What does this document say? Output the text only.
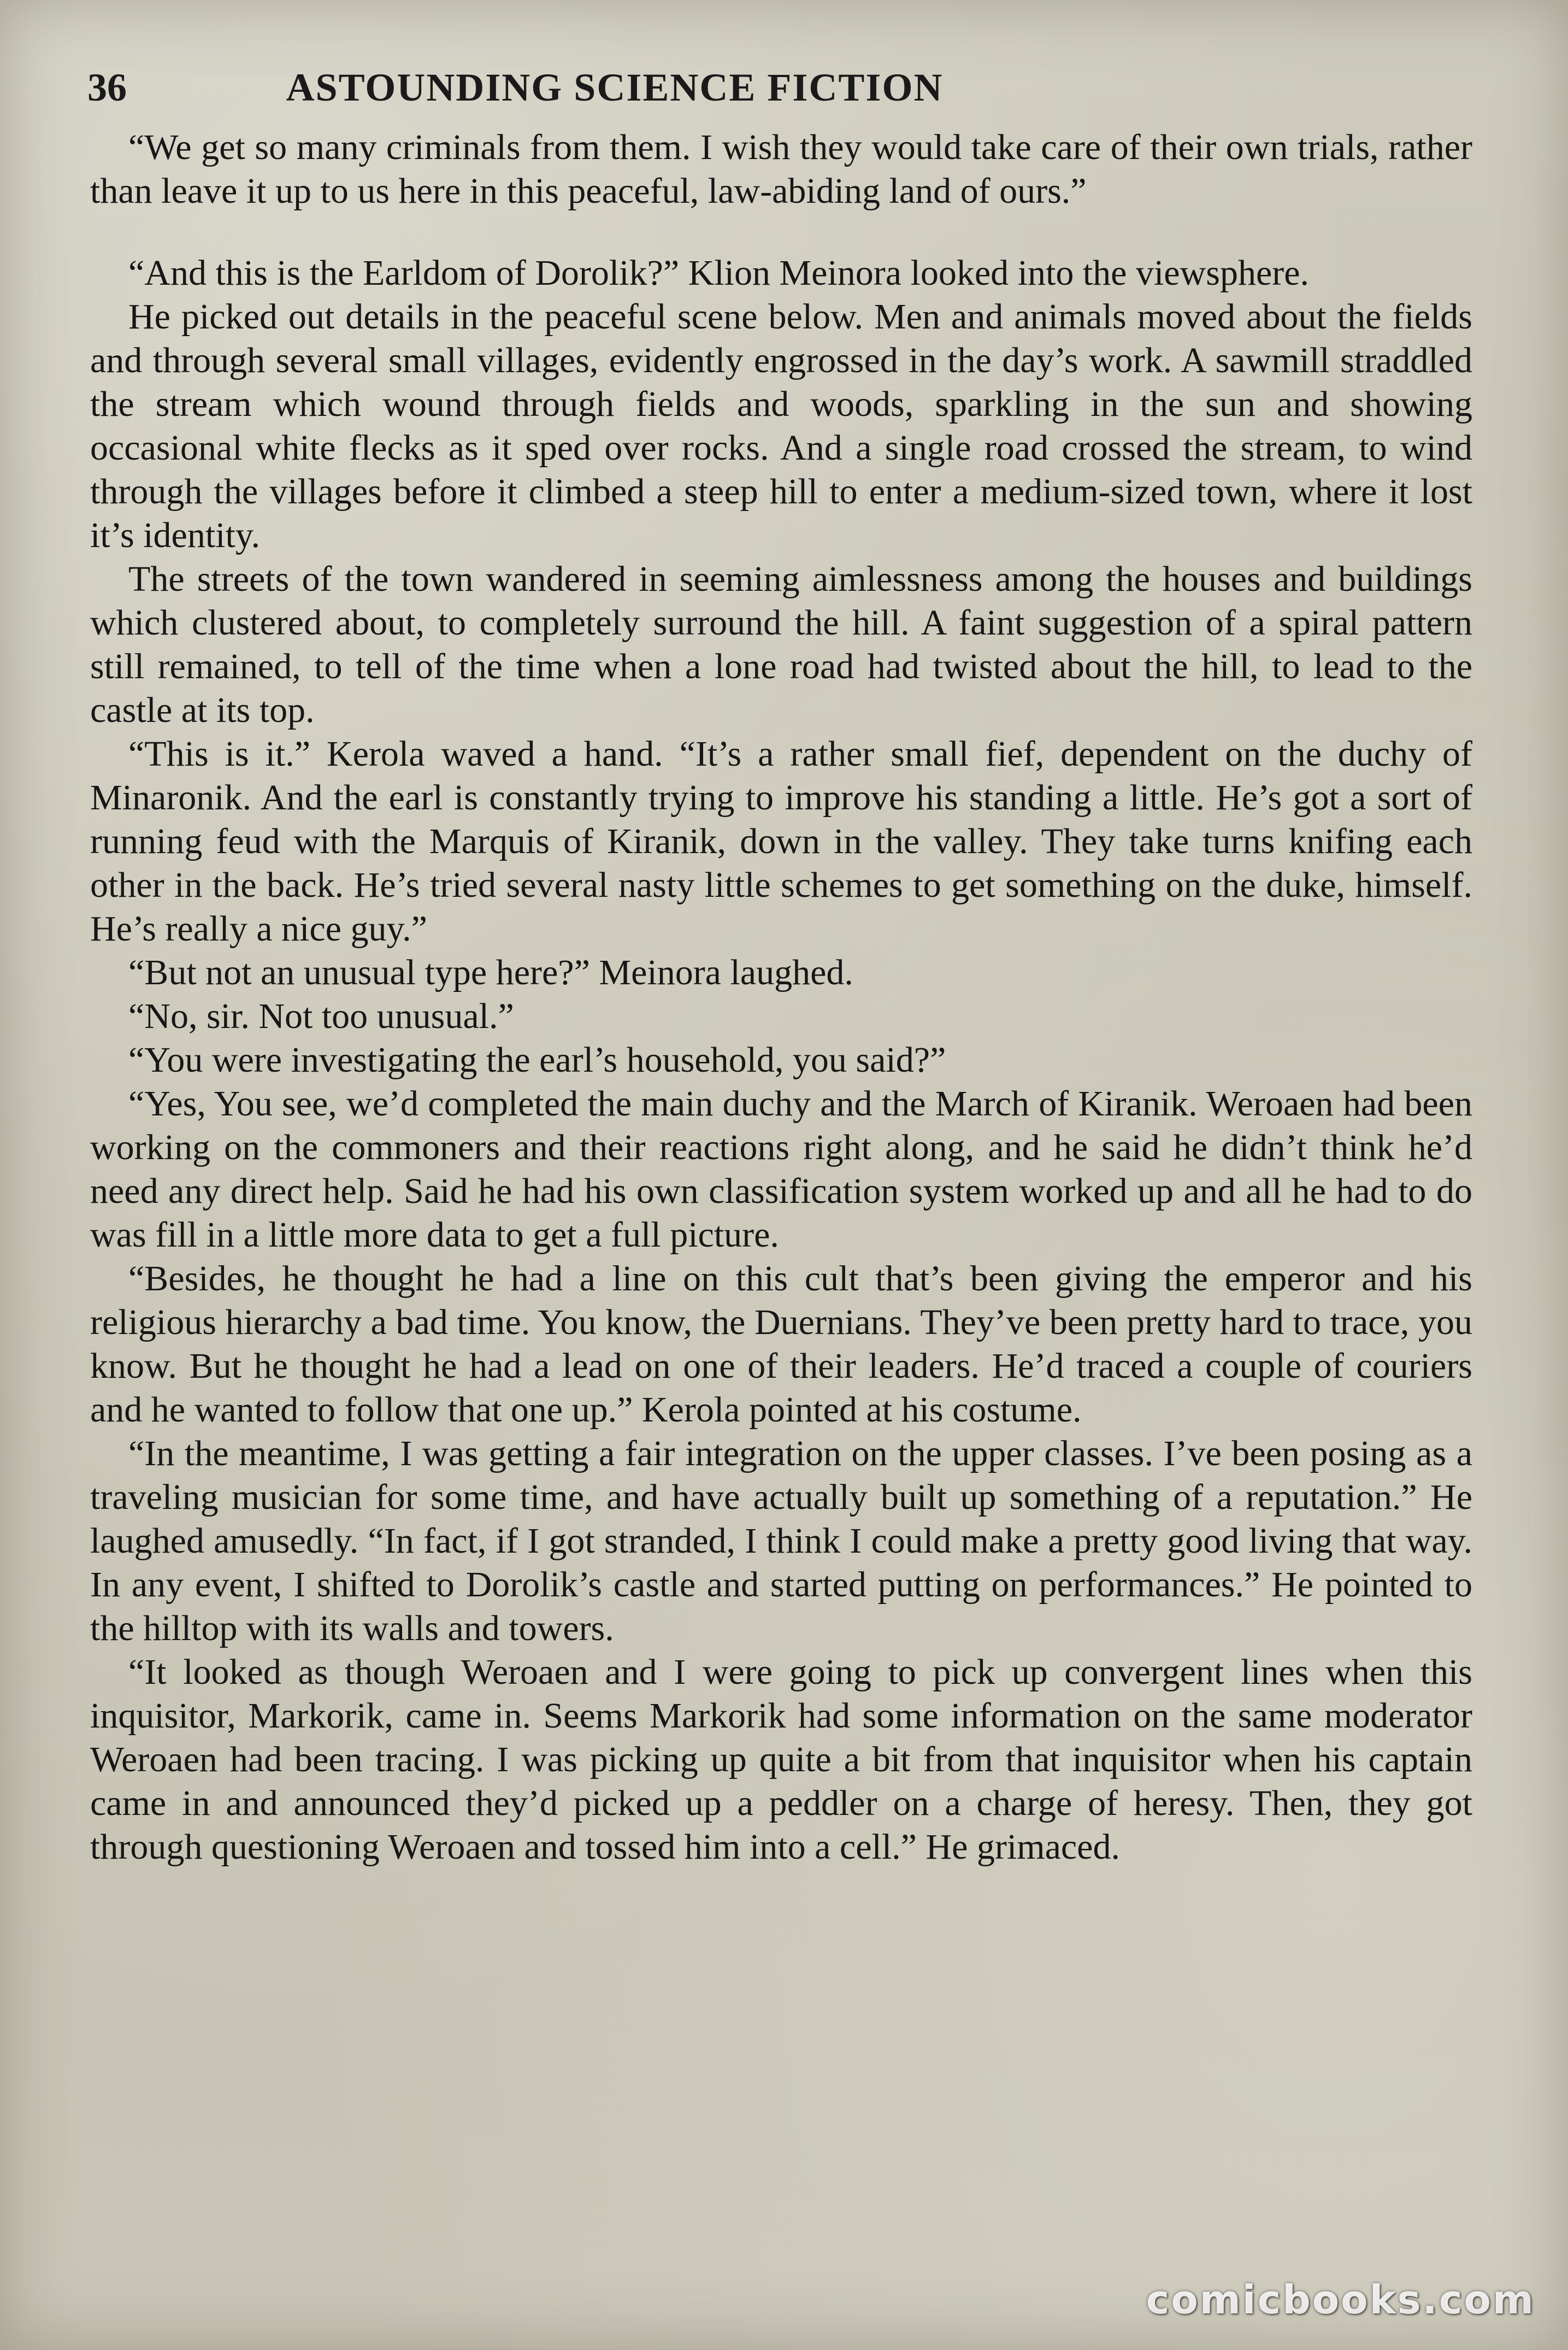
36	ASTOUNDING SCIENCE FICTION

“We get so many criminals from them. I wish they would take care of their own trials, rather than leave it up to us here in this peaceful, law-abiding land of ours.”

“And this is the Earldom of Dorolik?” Klion Meinora looked into the viewsphere.

He picked out details in the peaceful scene below. Men and animals moved about the fields and through several small villages, evidently engrossed in the day’s work. A sawmill straddled the stream which wound through fields and woods, sparkling in the sun and showing occasional white flecks as it sped over rocks. And a single road crossed the stream, to wind through the villages before it climbed a steep hill to enter a medium-sized town, where it lost it’s identity.

The streets of the town wandered in seeming aimlessness among the houses and buildings which clustered about, to completely surround the hill. A faint suggestion of a spiral pattern still remained, to tell of the time when a lone road had twisted about the hill, to lead to the castle at its top.

“This is it.” Kerola waved a hand. “It’s a rather small fief, dependent on the duchy of Minaronik. And the earl is constantly trying to improve his standing a little. He’s got a sort of running feud with the Marquis of Kiranik, down in the valley. They take turns knifing each other in the back. He’s tried several nasty little schemes to get something on the duke, himself. He’s really a nice guy.”

“But not an unusual type here?” Meinora laughed.

“No, sir. Not too unusual.”

“You were investigating the earl’s household, you said?”

“Yes, You see, we’d completed the main duchy and the March of Kiranik. Weroaen had been working on the commoners and their reactions right along, and he said he didn’t think he’d need any direct help. Said he had his own classification system worked up and all he had to do was fill in a little more data to get a full picture.

“Besides, he thought he had a line on this cult that’s been giving the emperor and his religious hierarchy a bad time. You know, the Duernians. They’ve been pretty hard to trace, you know. But he thought he had a lead on one of their leaders. He’d traced a couple of couriers and he wanted to follow that one up.” Kerola pointed at his costume.

“In the meantime, I was getting a fair integration on the upper classes. I’ve been posing as a traveling musician for some time, and have actually built up something of a reputation.” He laughed amusedly. “In fact, if I got stranded, I think I could make a pretty good living that way. In any event, I shifted to Dorolik’s castle and started putting on performances.” He pointed to the hilltop with its walls and towers.

“It looked as though Weroaen and I were going to pick up convergent lines when this inquisitor, Markorik, came in. Seems Markorik had some information on the same moderator Weroaen had been tracing. I was picking up quite a bit from that inquisitor when his captain came in and announced they’d picked up a peddler on a charge of heresy. Then, they got through questioning Weroaen and tossed him into a cell.” He grimaced.

comicbooks.com
